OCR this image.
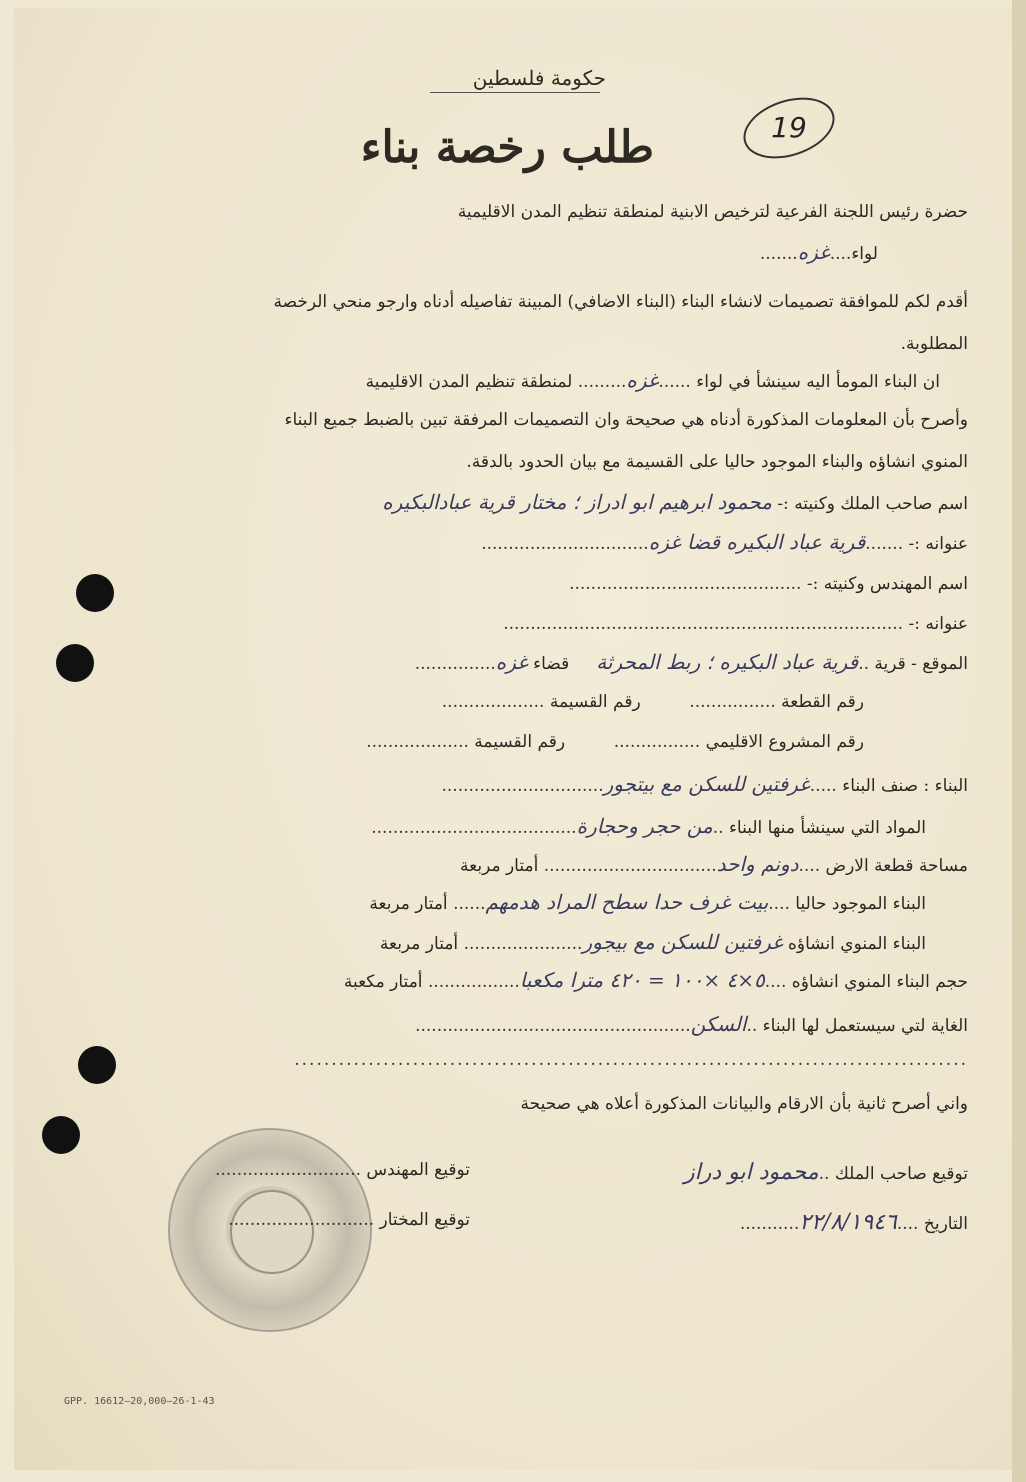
حكومة فلسطين
طلب رخصة بناء	19
حضرة رئيس اللجنة الفرعية لترخيص الابنية لمنطقة تنظيم المدن الاقليمية
لواء....غزه.......
أقدم لكم للموافقة تصميمات لانشاء البناء (البناء الاضافي) المبينة تفاصيله أدناه وارجو منحي الرخصة
المطلوبة.
ان البناء المومأ اليه سينشأ في لواء ......غزه......... لمنطقة تنظيم المدن الاقليمية
وأصرح بأن المعلومات المذكورة أدناه هي صحيحة وان التصميمات المرفقة تبين بالضبط جميع البناء
المنوي انشاؤه والبناء الموجود حاليا على القسيمة مع بيان الحدود بالدقة.
اسم صاحب الملك وكنيته :- محمود ابرهيم ابو ادراز ؛ مختار قرية عبادالبكيره
عنوانه :- .......قرية عباد البكيره قضا غزه...............................
اسم المهندس وكنيته :- ...........................................
عنوانه :- ..........................................................................
الموقع - قرية ..قرية عباد البكيره ؛ ربط المحرثة     قضاء غزه...............
رقم القطعة ................         رقم القسيمة ...................
رقم المشروع الاقليمي ................         رقم القسيمة ...................
البناء : صنف البناء .....غرفتين للسكن مع بيتجور..............................
المواد التي سينشأ منها البناء ..من حجر وحجارة......................................
مساحة قطعة الارض ....دونم واحد................................ أمتار مربعة
البناء الموجود حاليا ....بيت غرف حدا سطح المراد هدمهم...... أمتار مربعة
البناء المنوي انشاؤه غرفتين للسكن مع بيجور...................... أمتار مربعة
حجم البناء المنوي انشاؤه ....٥×٤ ×١٠٠ = ٤٢٠ مترا مكعبا................. أمتار مكعبة
الغاية لتي سيستعمل لها البناء ..السكن...................................................
...........................................................................................
واني أصرح ثانية بأن الارقام والبيانات المذكورة أعلاه هي صحيحة
توقيع صاحب الملك ..محمود ابو دراز
توقيع المهندس ...........................
التاريخ ....٢٢/٨/١٩٤٦...........
توقيع المختار ...........................
GPP. 16612—20,000—26-1-43
